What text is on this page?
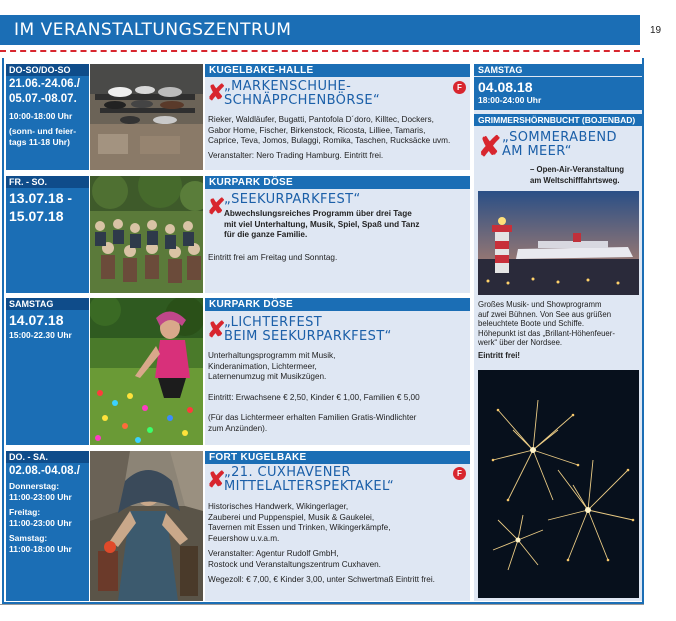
IM VERANSTALTUNGSZENTRUM	19
DO-SO/DO-SO
21.06.-24.06./
05.07.-08.07.
10:00-18:00 Uhr
(sonn- und feier-
tags 11-18 Uhr)
KUGELBAKE-HALLE
F
✘
„MARKENSCHUHE-
SCHNÄPPCHENBÖRSE“
Rieker, Waldläufer, Bugatti, Pantofola D´doro, Killtec, Dockers,
Gabor Home, Fischer, Birkenstock, Ricosta, Lilliee, Tamaris,
Caprice, Teva, Jomos, Bulaggi, Romika, Taschen, Rucksäcke uvm.
Veranstalter: Nero Trading Hamburg. Eintritt frei.
FR. - SO.
13.07.18 -
15.07.18
KURPARK DÖSE
✘
„SEEKURPARKFEST“
Abwechslungsreiches Programm über drei Tage
mit viel Unterhaltung, Musik, Spiel, Spaß und Tanz
für die ganze Familie.
Eintritt frei am Freitag und Sonntag.
SAMSTAG
14.07.18
15:00-22.30 Uhr
KURPARK DÖSE
✘
„LICHTERFEST
BEIM SEEKURPARKFEST“
Unterhaltungsprogramm mit Musik,
Kinderanimation, Lichtermeer,
Laternenumzug mit Musikzügen.
Eintritt: Erwachsene € 2,50, Kinder € 1,00, Familien € 5,00
(Für das Lichtermeer erhalten Familien Gratis-Windlichter
zum Anzünden).
DO. - SA.
02.08.-04.08./
Donnerstag:
11:00-23:00 Uhr
Freitag:
11:00-23:00 Uhr
Samstag:
11:00-18:00 Uhr
FORT KUGELBAKE
F
✘
„21. CUXHAVENER
MITTELALTERSPEKTAKEL“
Historisches Handwerk, Wikingerlager,
Zauberei und Puppenspiel, Musik & Gaukelei,
Tavernen mit Essen und Trinken, Wikingerkämpfe,
Feuershow u.v.a.m.
Veranstalter: Agentur Rudolf GmbH,
Rostock und Veranstaltungszentrum Cuxhaven.
Wegezoll: € 7,00, € Kinder 3,00, unter Schwertmaß Eintritt frei.
SAMSTAG
04.08.18
18:00-24:00 Uhr
GRIMMERSHÖRNBUCHT (BOJENBAD)
✘ „SOMMERABEND
AM MEER“
– Open-Air-Veranstaltung
am Weltschifffahrtsweg.
Großes Musik- und Showprogramm
auf zwei Bühnen. Von See aus grüßen
beleuchtete Boote und Schiffe.
Höhepunkt ist das „Brillant-Höhenfeuer-
werk“ über der Nordsee.
Eintritt frei!
